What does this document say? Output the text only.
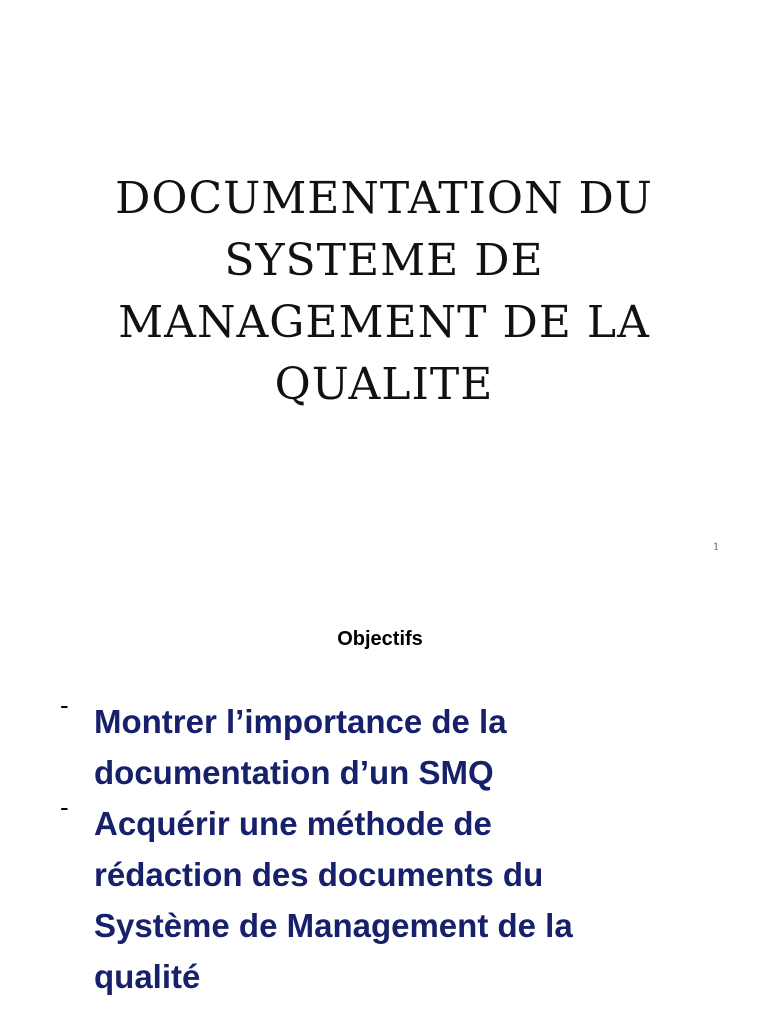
DOCUMENTATION DU
SYSTEME DE
MANAGEMENT DE LA
QUALITE
1
Objectifs
- Montrer l’importance de la
documentation d’un SMQ
- Acquérir une méthode de
rédaction des documents du
Système de Management de la
qualité
